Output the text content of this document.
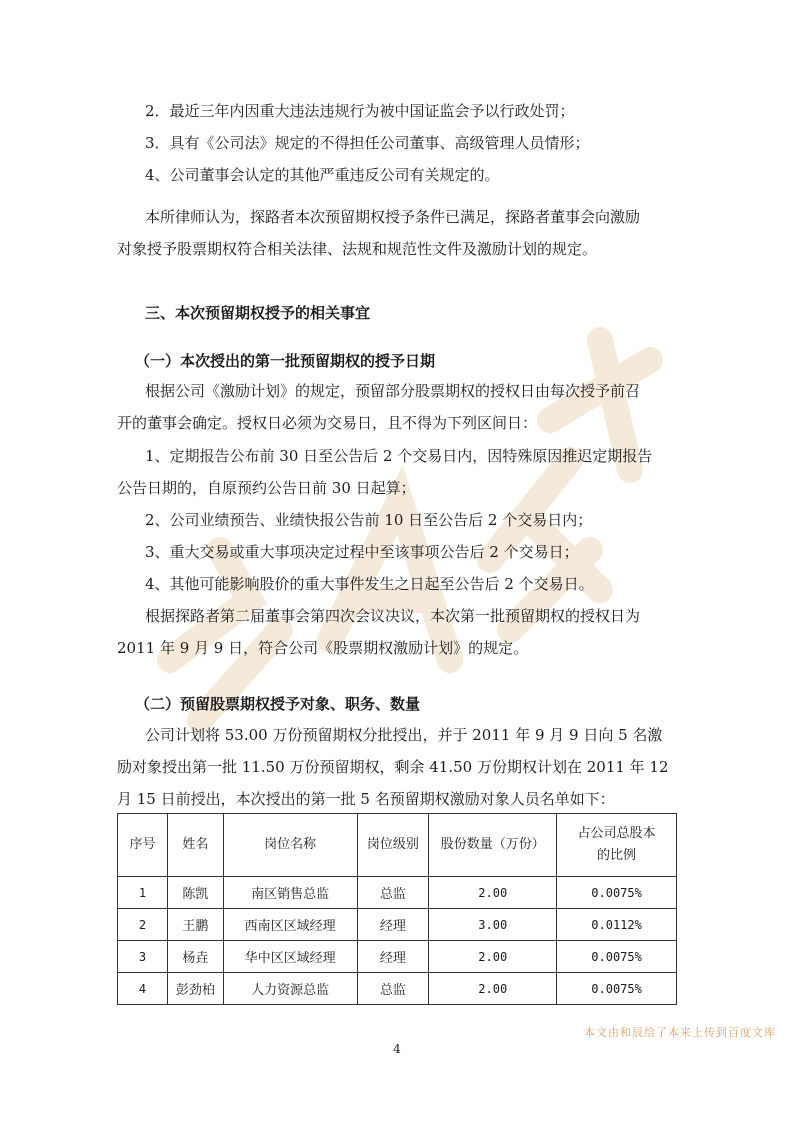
2．最近三年内因重大违法违规行为被中国证监会予以行政处罚；
3．具有《公司法》规定的不得担任公司董事、高级管理人员情形；
4、公司董事会认定的其他严重违反公司有关规定的。
本所律师认为，探路者本次预留期权授予条件已满足，探路者董事会向激励
对象授予股票期权符合相关法律、法规和规范性文件及激励计划的规定。
三、本次预留期权授予的相关事宜
（一）本次授出的第一批预留期权的授予日期
根据公司《激励计划》的规定，预留部分股票期权的授权日由每次授予前召
开的董事会确定。授权日必须为交易日，且不得为下列区间日：
1、定期报告公布前 30 日至公告后 2 个交易日内，因特殊原因推迟定期报告
公告日期的，自原预约公告日前 30 日起算；
2、公司业绩预告、业绩快报公告前 10 日至公告后 2 个交易日内；
3、重大交易或重大事项决定过程中至该事项公告后 2 个交易日；
4、其他可能影响股价的重大事件发生之日起至公告后 2 个交易日。
根据探路者第二届董事会第四次会议决议，本次第一批预留期权的授权日为
2011 年 9 月 9 日，符合公司《股票期权激励计划》的规定。
（二）预留股票期权授予对象、职务、数量
公司计划将 53.00 万份预留期权分批授出，并于 2011 年 9 月 9 日向 5 名激
励对象授出第一批 11.50 万份预留期权，剩余 41.50 万份期权计划在 2011 年 12
月 15 日前授出，本次授出的第一批 5 名预留期权激励对象人员名单如下：
序号	姓名	岗位名称	岗位级别	股份数量（万份）	占公司总股本
的比例
1	陈凯	南区销售总监	总监	2.00	0.0075%
2	王鹏	西南区区域经理	经理	3.00	0.0112%
3	杨垚	华中区区域经理	经理	2.00	0.0075%
4	彭劲柏	人力资源总监	总监	2.00	0.0075%
本文由和辰给了本来上传到百度文库
4
